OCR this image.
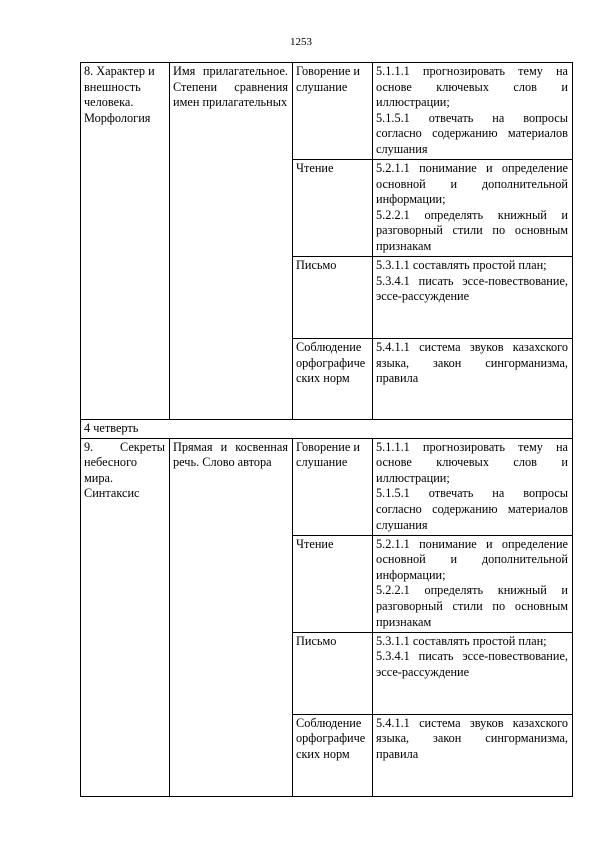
1253
8. Характер и внешность человека. Морфология	Имя прилагательное. Степени сравнения имен прилагательных	Говорение и слушание	5.1.1.1 прогнозировать тему на основе ключевых слов и иллюстрации;
5.1.5.1 отвечать на вопросы согласно содержанию материалов слушания

		Чтение	5.2.1.1 понимание и определение основной и дополнительной информации;
5.2.2.1 определять книжный и разговорный стили по основным признакам

		Письмо	5.3.1.1 составлять простой план;
5.3.4.1 писать эссе-повествование, эссе-рассуждение

		Соблюдение орфографических норм	5.4.1.1 система звуков казахского языка, закон сингорманизма, правила
4 четверть			
9. Секреты небесного мира. Синтаксис	Прямая и косвенная речь. Слово автора	Говорение и слушание	5.1.1.1 прогнозировать тему на основе ключевых слов и иллюстрации;
5.1.5.1 отвечать на вопросы согласно содержанию материалов слушания

		Чтение	5.2.1.1 понимание и определение основной и дополнительной информации;
5.2.2.1 определять книжный и разговорный стили по основным признакам

		Письмо	5.3.1.1 составлять простой план;
5.3.4.1 писать эссе-повествование, эссе-рассуждение

		Соблюдение орфографических норм	5.4.1.1 система звуков казахского языка, закон сингорманизма, правила
